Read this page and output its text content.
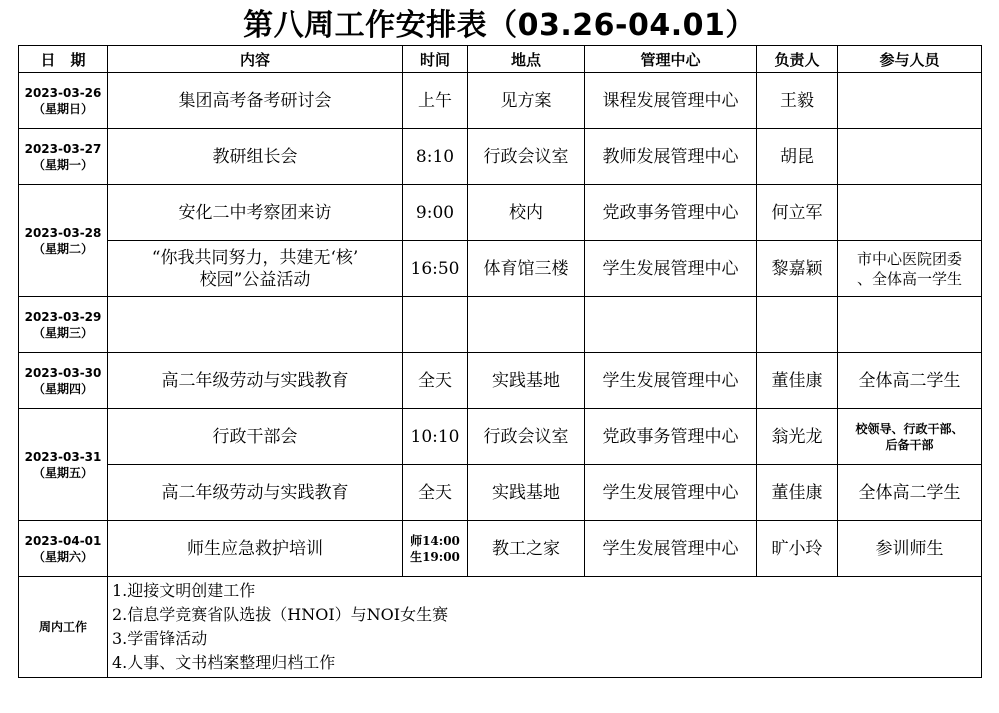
第八周工作安排表（03.26-04.01）
日　期	内容	时间	地点	管理中心	负责人	参与人员

2023-03-26
（星期日）	集团高考备考研讨会	上午	见方案	课程发展管理中心	王毅	

2023-03-27
（星期一）	教研组长会	8:10	行政会议室	教师发展管理中心	胡昆	

2023-03-28
（星期二）	安化二中考察团来访	9:00	校内	党政事务管理中心	何立军	

	“你我共同努力，共建无‘核’
校园”公益活动	16:50	体育馆三楼	学生发展管理中心	黎嘉颖	市中心医院团委
、全体高一学生

2023-03-29
（星期三）						

2023-03-30
（星期四）	高二年级劳动与实践教育	全天	实践基地	学生发展管理中心	董佳康	全体高二学生

2023-03-31
（星期五）	行政干部会	10:10	行政会议室	党政事务管理中心	翁光龙	校领导、行政干部、
后备干部

	高二年级劳动与实践教育	全天	实践基地	学生发展管理中心	董佳康	全体高二学生

2023-04-01
（星期六）	师生应急救护培训	师14:00
生19:00	教工之家	学生发展管理中心	旷小玲	参训师生
周内工作	1.迎接文明创建工作
2.信息学竞赛省队选拔（HNOI）与NOI女生赛
3.学雷锋活动
4.人事、文书档案整理归档工作					
